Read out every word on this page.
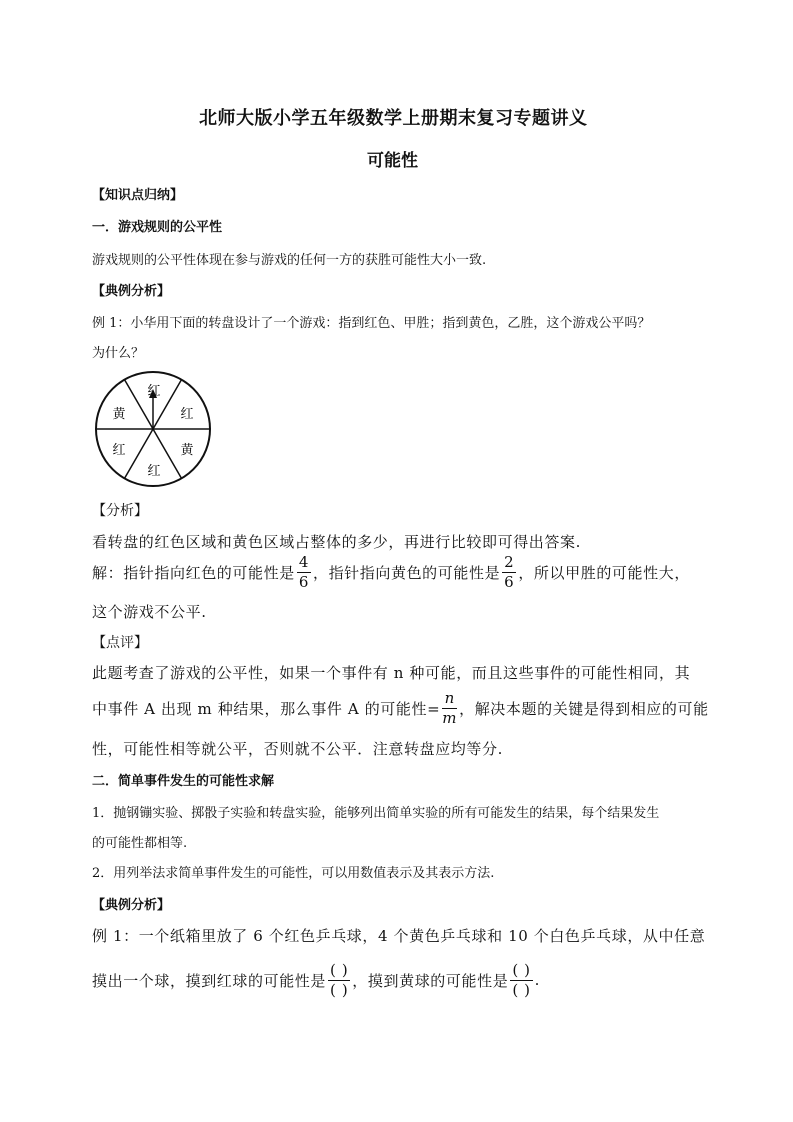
北师大版小学五年级数学上册期末复习专题讲义
可能性
【知识点归纳】
一．游戏规则的公平性
游戏规则的公平性体现在参与游戏的任何一方的获胜可能性大小一致.
【典例分析】
例 1：小华用下面的转盘设计了一个游戏：指到红色、甲胜；指到黄色，乙胜，这个游戏公平吗？
为什么？
红
红
黄
红
黄
红
【分析】
看转盘的红色区域和黄色区域占整体的多少，再进行比较即可得出答案.
解：指针指向红色的可能性是 $\frac{4}{6}$ ，指针指向黄色的可能性是 $\frac{2}{6}$ ，所以甲胜的可能性大，
这个游戏不公平.
【点评】
此题考查了游戏的公平性，如果一个事件有 n 种可能，而且这些事件的可能性相同，其
中事件 A 出现 m 种结果，那么事件 A 的可能性= $\frac{n}{m}$ ，解决本题的关键是得到相应的可能
性，可能性相等就公平，否则就不公平．注意转盘应均等分.
二．简单事件发生的可能性求解
1．抛钢镚实验、掷骰子实验和转盘实验，能够列出简单实验的所有可能发生的结果，每个结果发生
的可能性都相等.
2．用列举法求简单事件发生的可能性，可以用数值表示及其表示方法.
【典例分析】
例 1：一个纸箱里放了 6 个红色乒乓球，4 个黄色乒乓球和 10 个白色乒乓球，从中任意
摸出一个球，摸到红球的可能性是 $\frac{( )}{( )}$ ，摸到黄球的可能性是 $\frac{( )}{( )}$ .
